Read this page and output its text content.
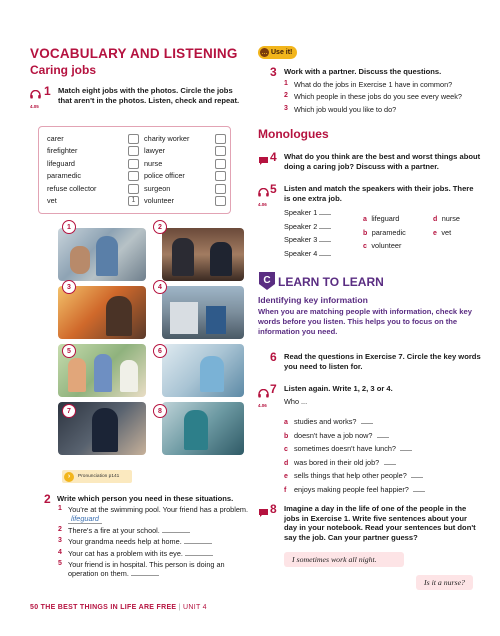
VOCABULARY AND LISTENING
Caring jobs
4.05
1 Match eight jobs with the photos. Circle the jobs that aren't in the photos. Listen, check and repeat.
carer
firefighter
lifeguard
paramedic
refuse collector
vet	1
charity worker
lawyer
nurse
police officer
surgeon
volunteer
1	2
3	4
5	6
7	8
›	Pronunciation p141
2 Write which person you need in these situations.
1 You're at the swimming pool. Your friend has a problem. lifeguard
2 There's a fire at your school.
3 Your grandma needs help at home.
4 Your cat has a problem with its eye.
5 Your friend is in hospital. This person is doing an operation on them.
50 THE BEST THINGS IN LIFE ARE FREE | UNIT 4
… Use it!
3 Work with a partner. Discuss the questions.
1 What do the jobs in Exercise 1 have in common?
2 Which people in these jobs do you see every week?
3 Which job would you like to do?
Monologues
4 What do you think are the best and worst things about doing a caring job? Discuss with a partner.
4.06
5 Listen and match the speakers with their jobs. There is one extra job.
Speaker 1
Speaker 2
Speaker 3
Speaker 4
a lifeguard	d nurse
b paramedic	e vet
c volunteer
C LEARN TO LEARN
Identifying key information
When you are matching people with information, check key words before you listen. This helps you to focus on the information you need.
6 Read the questions in Exercise 7. Circle the key words you need to listen for.
4.06
7 Listen again. Write 1, 2, 3 or 4.
Who ...
a studies and works?
b doesn't have a job now?
c sometimes doesn't have lunch?
d was bored in their old job?
e sells things that help other people?
f enjoys making people feel happier?
8 Imagine a day in the life of one of the people in the jobs in Exercise 1. Write five sentences about your day in your notebook. Read your sentences but don't say the job. Can your partner guess?
I sometimes work all night.
Is it a nurse?
